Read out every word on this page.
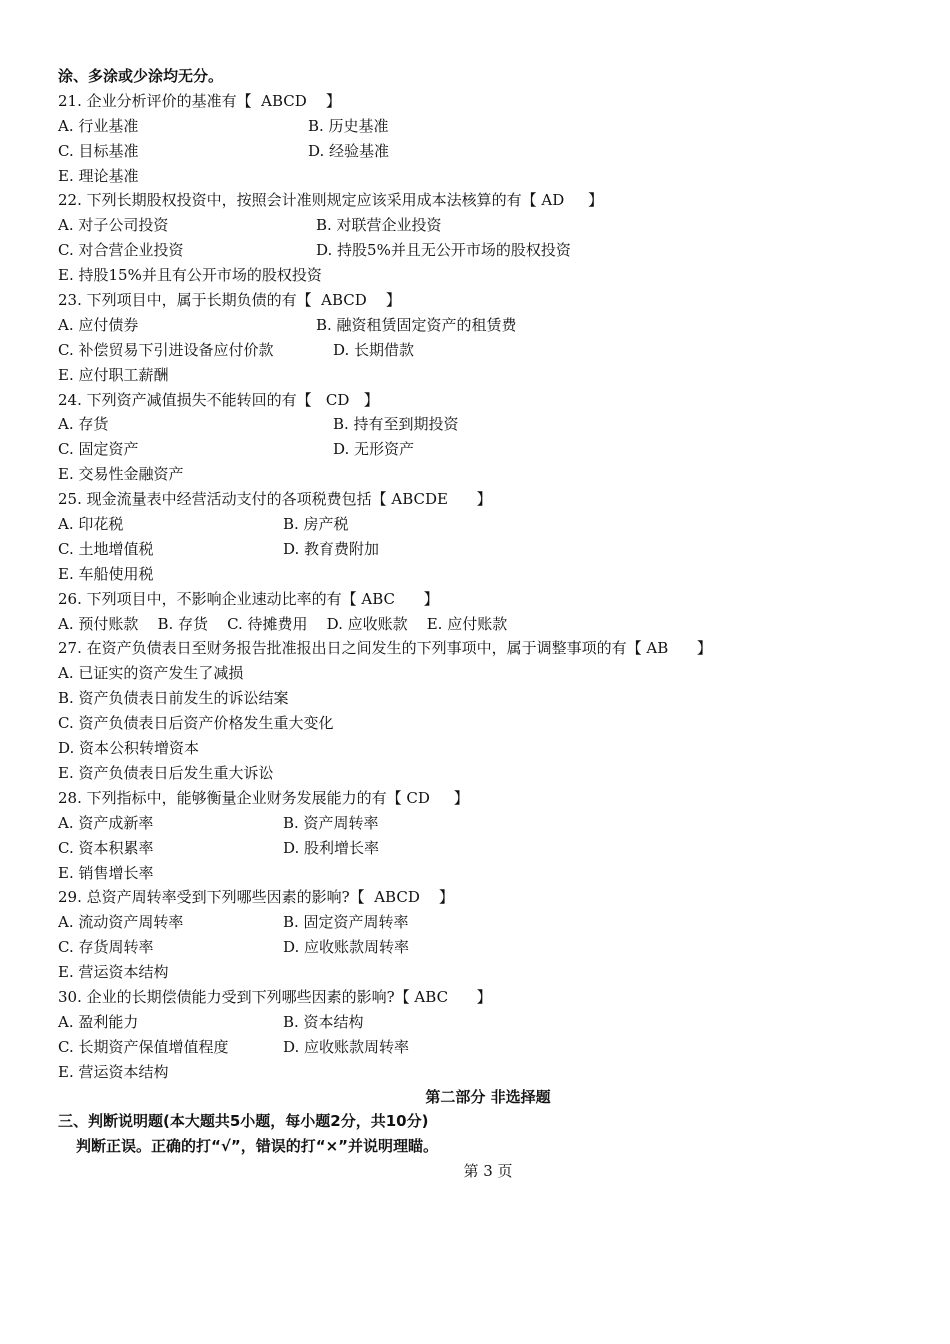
涂、多涂或少涂均无分。
21. 企业分析评价的基准有【  ABCD    】

A. 行业基准

	B. 历史基准

C. 目标基准

	D. 经验基准

E. 理论基准
22. 下列长期股权投资中，按照会计准则规定应该采用成本法核算的有【 AD     】

A. 对子公司投资

	B. 对联营企业投资

C. 对合营企业投资

	D. 持股5%并且无公开市场的股权投资

E. 持股15%并且有公开市场的股权投资
23. 下列项目中，属于长期负债的有【  ABCD    】

A. 应付债券

	B. 融资租赁固定资产的租赁费

C. 补偿贸易下引进设备应付价款

	D. 长期借款

E. 应付职工薪酬
24. 下列资产减值损失不能转回的有【   CD   】

A. 存货

	B. 持有至到期投资

C. 固定资产

	D. 无形资产

E. 交易性金融资产
25. 现金流量表中经营活动支付的各项税费包括【 ABCDE      】

A. 印花税

	B. 房产税

C. 土地增值税

	D. 教育费附加

E. 车船使用税
26. 下列项目中，不影响企业速动比率的有【 ABC      】
A. 预付账款    B. 存货    C. 待摊费用    D. 应收账款    E. 应付账款
27. 在资产负债表日至财务报告批准报出日之间发生的下列事项中，属于调整事项的有【 AB      】
A. 已证实的资产发生了减损
B. 资产负债表日前发生的诉讼结案
C. 资产负债表日后资产价格发生重大变化
D. 资本公积转增资本
E. 资产负债表日后发生重大诉讼
28. 下列指标中，能够衡量企业财务发展能力的有【 CD     】

A. 资产成新率

	B. 资产周转率

C. 资本积累率

	D. 股利增长率

E. 销售增长率
29. 总资产周转率受到下列哪些因素的影响?【  ABCD    】

A. 流动资产周转率

	B. 固定资产周转率

C. 存货周转率

	D. 应收账款周转率

E. 营运资本结构
30. 企业的长期偿债能力受到下列哪些因素的影响?【 ABC      】

A. 盈利能力

	B. 资本结构

C. 长期资产保值增值程度

	D. 应收账款周转率

E. 营运资本结构
第二部分 非选择题
三、判断说明题(本大题共5小题，每小题2分，共10分)
判断正误。正确的打“√”，错误的打“×”并说明理瞄。
第 3 页
